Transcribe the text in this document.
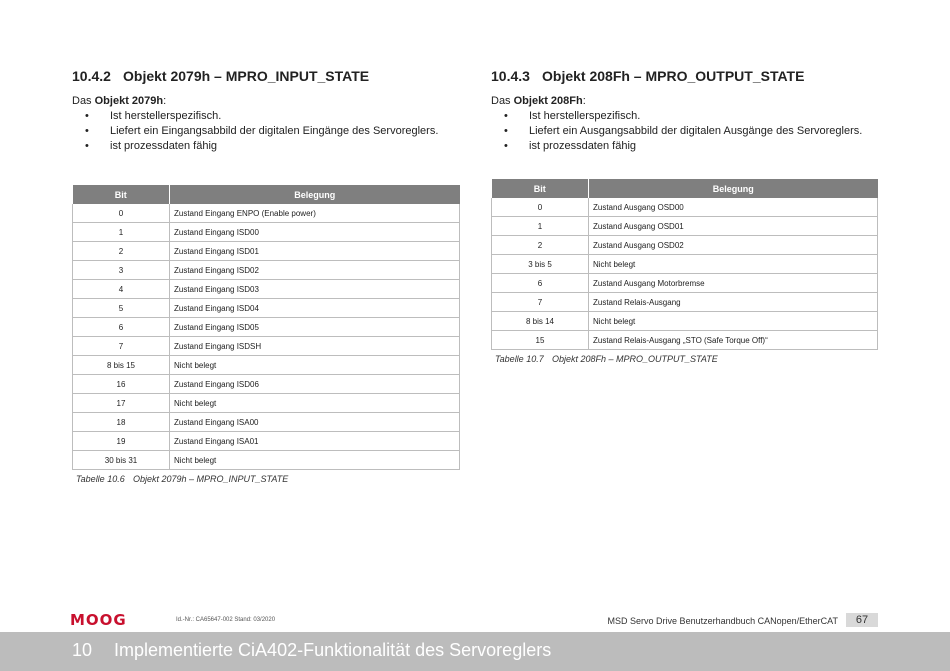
10.4.2 Objekt 2079h – MPRO_INPUT_STATE
Das Objekt 2079h:
• Ist herstellerspezifisch.
• Liefert ein Eingangsabbild der digitalen Eingänge des Servoreglers.
• ist prozessdaten fähig
Bit	Belegung
0	Zustand Eingang ENPO (Enable power)
1	Zustand Eingang ISD00
2	Zustand Eingang ISD01
3	Zustand Eingang ISD02
4	Zustand Eingang ISD03
5	Zustand Eingang ISD04
6	Zustand Eingang ISD05
7	Zustand Eingang ISDSH
8 bis 15	Nicht belegt
16	Zustand Eingang ISD06
17	Nicht belegt
18	Zustand Eingang ISA00
19	Zustand Eingang ISA01
30 bis 31	Nicht belegt
Tabelle 10.6 Objekt 2079h – MPRO_INPUT_STATE
10.4.3 Objekt 208Fh – MPRO_OUTPUT_STATE
Das Objekt 208Fh:
• Ist herstellerspezifisch.
• Liefert ein Ausgangsabbild der digitalen Ausgänge des Servoreglers.
• ist prozessdaten fähig
Bit	Belegung
0	Zustand Ausgang OSD00
1	Zustand Ausgang OSD01
2	Zustand Ausgang OSD02
3 bis 5	Nicht belegt
6	Zustand Ausgang Motorbremse
7	Zustand Relais-Ausgang
8 bis 14	Nicht belegt
15	Zustand Relais-Ausgang „STO (Safe Torque Off)“
Tabelle 10.7 Objekt 208Fh – MPRO_OUTPUT_STATE
MOOG	Id.-Nr.: CA65647-002 Stand: 03/2020	MSD Servo Drive Benutzerhandbuch CANopen/EtherCAT	67
10 Implementierte CiA402-Funktionalität des Servoreglers
